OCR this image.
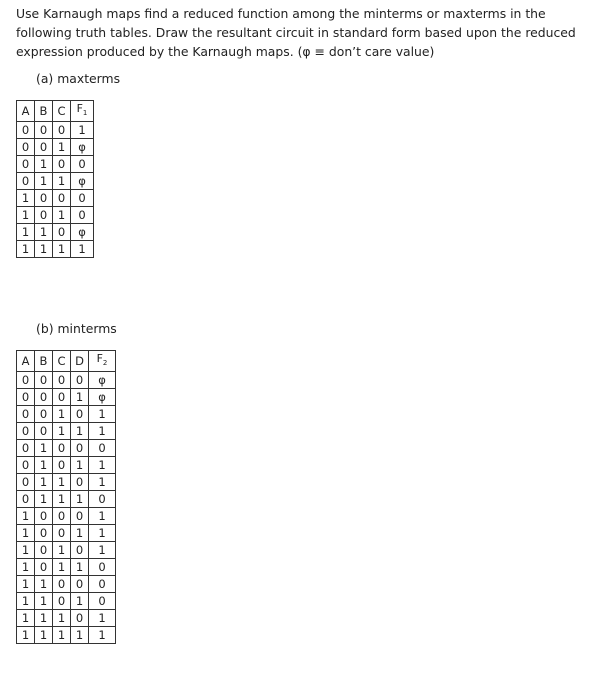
Use Karnaugh maps find a reduced function among the minterms or maxterms in the following truth tables. Draw the resultant circuit in standard form based upon the reduced expression produced by the Karnaugh maps. (φ ≡ don’t care value)
(a) maxterms
A	B	C	$F_1$
0	0	0	1
0	0	1	φ
0	1	0	0
0	1	1	φ
1	0	0	0
1	0	1	0
1	1	0	φ
1	1	1	1
(b) minterms
A	B	C	D	$F_2$
0	0	0	0	φ
0	0	0	1	φ
0	0	1	0	1
0	0	1	1	1
0	1	0	0	0
0	1	0	1	1
0	1	1	0	1
0	1	1	1	0
1	0	0	0	1
1	0	0	1	1
1	0	1	0	1
1	0	1	1	0
1	1	0	0	0
1	1	0	1	0
1	1	1	0	1
1	1	1	1	1
